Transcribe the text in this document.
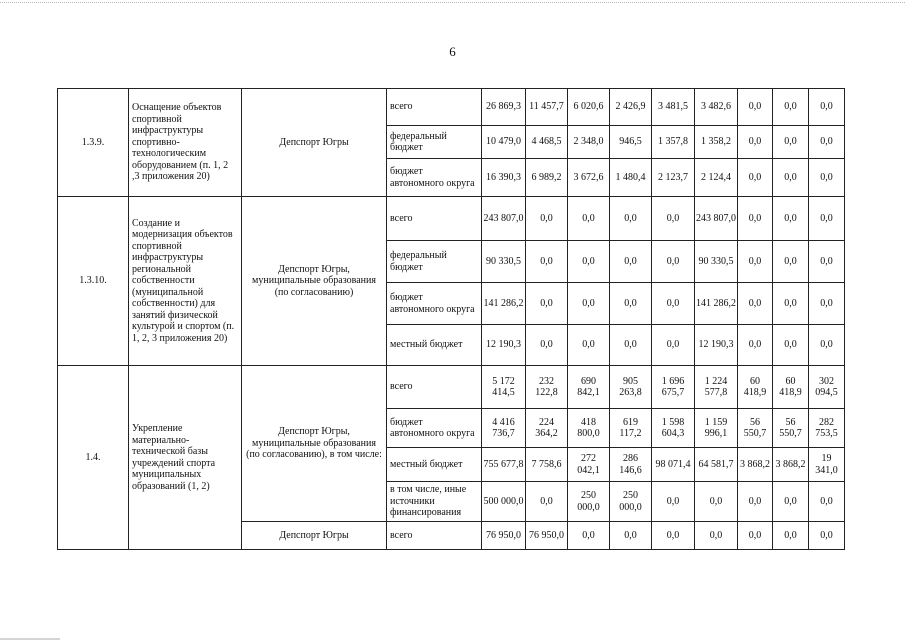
6
1.3.9.	Оснащение объектов спортивной инфраструктуры спортивно-технологическим оборудованием (п. 1, 2 ,3 приложения 20)	Депспорт Югры	всего	26 869,3	11 457,7	6 020,6	2 426,9	3 481,5	3 482,6	0,0	0,0	0,0
			федеральный бюджет	10 479,0	4 468,5	2 348,0	946,5	1 357,8	1 358,2	0,0	0,0	0,0
			бюджет автономного округа	16 390,3	6 989,2	3 672,6	1 480,4	2 123,7	2 124,4	0,0	0,0	0,0
1.3.10.	Создание и модернизация объектов спортивной инфраструктуры региональной собственности (муниципальной собственности) для занятий физической культурой и спортом (п. 1, 2, 3 приложения 20)	Депспорт Югры, муниципальные образования (по согласованию)	всего	243 807,0	0,0	0,0	0,0	0,0	243 807,0	0,0	0,0	0,0
			федеральный бюджет	90 330,5	0,0	0,0	0,0	0,0	90 330,5	0,0	0,0	0,0
			бюджет автономного округа	141 286,2	0,0	0,0	0,0	0,0	141 286,2	0,0	0,0	0,0
			местный бюджет	12 190,3	0,0	0,0	0,0	0,0	12 190,3	0,0	0,0	0,0
1.4.	Укрепление материально-технической базы учреждений спорта муниципальных образований (1, 2)	Депспорт Югры, муниципальные образования (по согласованию), в том числе:	всего	5 172 414,5	232 122,8	690 842,1	905 263,8	1 696 675,7	1 224 577,8	60 418,9	60 418,9	302 094,5
			бюджет автономного округа	4 416 736,7	224 364,2	418 800,0	619 117,2	1 598 604,3	1 159 996,1	56 550,7	56 550,7	282 753,5
			местный бюджет	755 677,8	7 758,6	272 042,1	286 146,6	98 071,4	64 581,7	3 868,2	3 868,2	19 341,0
			в том числе, иные источники финансирования	500 000,0	0,0	250 000,0	250 000,0	0,0	0,0	0,0	0,0	0,0
		Депспорт Югры	всего	76 950,0	76 950,0	0,0	0,0	0,0	0,0	0,0	0,0	0,0
